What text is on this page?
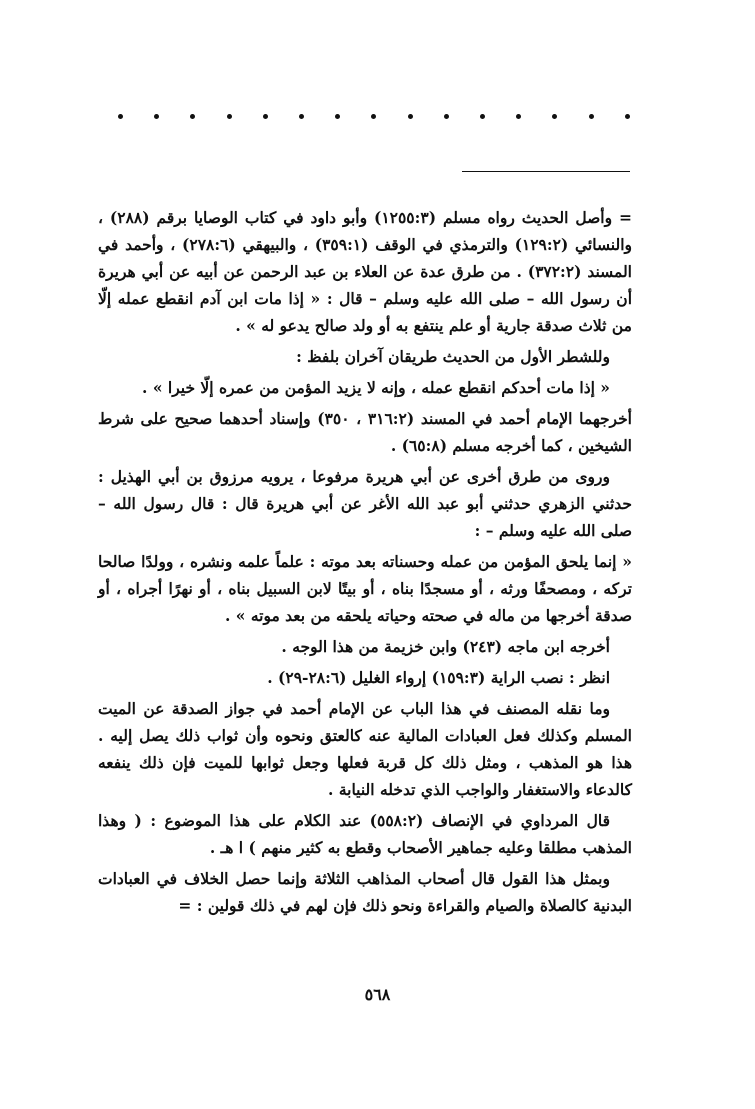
= وأصل الحديث رواه مسلم (١٢٥٥:٣) وأبو داود في كتاب الوصايا برقم (٢٨٨) ، والنسائي (١٢٩:٢) والترمذي في الوقف (٣٥٩:١) ، والبيهقي (٢٧٨:٦) ، وأحمد في المسند (٣٧٢:٢) . من طرق عدة عن العلاء بن عبد الرحمن عن أبيه عن أبي هريرة أن رسول الله – صلى الله عليه وسلم – قال : « إذا مات ابن آدم انقطع عمله إلّا من ثلاث صدقة جارية أو علم ينتفع به أو ولد صالح يدعو له » .

وللشطر الأول من الحديث طريقان آخران بلفظ :

« إذا مات أحدكم انقطع عمله ، وإنه لا يزيد المؤمن من عمره إلّا خيرا » .

أخرجهما الإمام أحمد في المسند (٣١٦:٢ ، ٣٥٠) وإسناد أحدهما صحيح على شرط الشيخين ، كما أخرجه مسلم (٦٥:٨) .

وروى من طرق أخرى عن أبي هريرة مرفوعا ، يرويه مرزوق بن أبي الهذيل : حدثني الزهري حدثني أبو عبد الله الأغر عن أبي هريرة قال : قال رسول الله – صلى الله عليه وسلم – :

« إنما يلحق المؤمن من عمله وحسناته بعد موته : علماً علمه ونشره ، وولدًا صالحا تركه ، ومصحفًا ورثه ، أو مسجدًا بناه ، أو بيتًا لابن السبيل بناه ، أو نهرًا أجراه ، أو صدقة أخرجها من ماله في صحته وحياته يلحقه من بعد موته » .

أخرجه ابن ماجه (٢٤٣) وابن خزيمة من هذا الوجه .

انظر : نصب الراية (١٥٩:٣) إرواء الغليل (٢٨:٦-٢٩) .

وما نقله المصنف في هذا الباب عن الإمام أحمد في جواز الصدقة عن الميت المسلم وكذلك فعل العبادات المالية عنه كالعتق ونحوه وأن ثواب ذلك يصل إليه . هذا هو المذهب ، ومثل ذلك كل قربة فعلها وجعل ثوابها للميت فإن ذلك ينفعه كالدعاء والاستغفار والواجب الذي تدخله النيابة .

قال المرداوي في الإنصاف (٥٥٨:٢) عند الكلام على هذا الموضوع : ( وهذا المذهب مطلقا وعليه جماهير الأصحاب وقطع به كثير منهم ) ا هـ .

وبمثل هذا القول قال أصحاب المذاهب الثلاثة وإنما حصل الخلاف في العبادات البدنية كالصلاة والصيام والقراءة ونحو ذلك فإن لهم في ذلك قولين : =

٥٦٨
